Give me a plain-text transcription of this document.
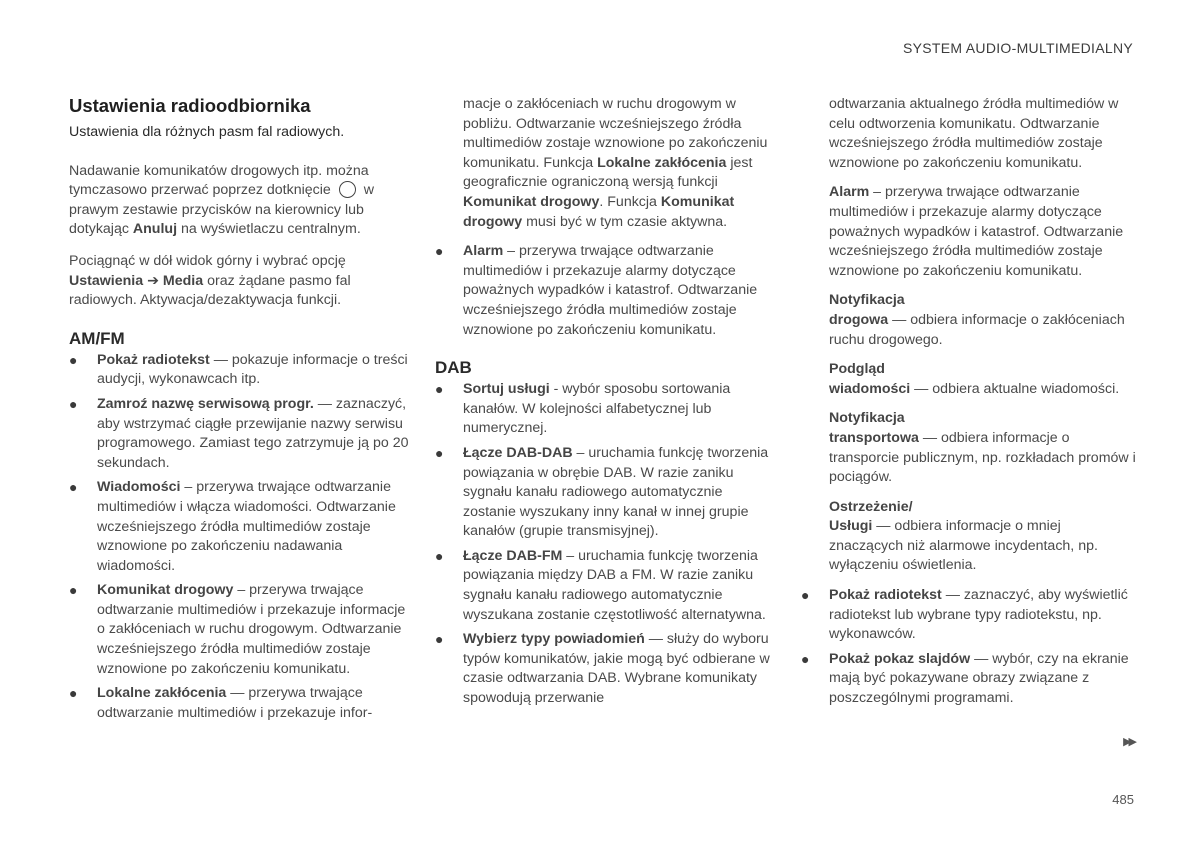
SYSTEM AUDIO-MULTIMEDIALNY
Ustawienia radioodbiornika
Ustawienia dla różnych pasm fal radiowych.

Nadawanie komunikatów drogowych itp. można tymczasowo przerwać poprzez dotknięcie w prawym zestawie przycisków na kierownicy lub dotykając Anuluj na wyświetlaczu centralnym.

Pociągnąć w dół widok górny i wybrać opcję Ustawienia ➔ Media oraz żądane pasmo fal radiowych. Aktywacja/dezaktywacja funkcji.

AM/FM
● Pokaż radiotekst — pokazuje informacje o treści audycji, wykonawcach itp.
● Zamroź nazwę serwisową progr. — zaznaczyć, aby wstrzymać ciągłe przewijanie nazwy serwisu programowego. Zamiast tego zatrzymuje ją po 20 sekundach.
● Wiadomości – przerywa trwające odtwarzanie multimediów i włącza wiadomości. Odtwarzanie wcześniejszego źródła multimediów zostaje wznowione po zakończeniu nadawania wiadomości.
● Komunikat drogowy – przerywa trwające odtwarzanie multimediów i przekazuje informacje o zakłóceniach w ruchu drogowym. Odtwarzanie wcześniejszego źródła multimediów zostaje wznowione po zakończeniu komunikatu.
● Lokalne zakłócenia — przerywa trwające odtwarzanie multimediów i przekazuje infor-
macje o zakłóceniach w ruchu drogowym w pobliżu. Odtwarzanie wcześniejszego źródła multimediów zostaje wznowione po zakończeniu komunikatu. Funkcja Lokalne zakłócenia jest geograficznie ograniczoną wersją funkcji Komunikat drogowy. Funkcja Komunikat drogowy musi być w tym czasie aktywna.
● Alarm – przerywa trwające odtwarzanie multimediów i przekazuje alarmy dotyczące poważnych wypadków i katastrof. Odtwarzanie wcześniejszego źródła multimediów zostaje wznowione po zakończeniu komunikatu.
DAB
● Sortuj usługi - wybór sposobu sortowania kanałów. W kolejności alfabetycznej lub numerycznej.
● Łącze DAB-DAB – uruchamia funkcję tworzenia powiązania w obrębie DAB. W razie zaniku sygnału kanału radiowego automatycznie zostanie wyszukany inny kanał w innej grupie kanałów (grupie transmisyjnej).
● Łącze DAB-FM – uruchamia funkcję tworzenia powiązania między DAB a FM. W razie zaniku sygnału kanału radiowego automatycznie wyszukana zostanie częstotliwość alternatywna.
● Wybierz typy powiadomień — służy do wyboru typów komunikatów, jakie mogą być odbierane w czasie odtwarzania DAB. Wybrane komunikaty spowodują przerwanie
odtwarzania aktualnego źródła multimediów w celu odtworzenia komunikatu. Odtwarzanie wcześniejszego źródła multimediów zostaje wznowione po zakończeniu komunikatu.
Alarm – przerywa trwające odtwarzanie multimediów i przekazuje alarmy dotyczące poważnych wypadków i katastrof. Odtwarzanie wcześniejszego źródła multimediów zostaje wznowione po zakończeniu komunikatu.
Notyfikacja
drogowa — odbiera informacje o zakłóceniach ruchu drogowego.
Podgląd
wiadomości — odbiera aktualne wiadomości.
Notyfikacja
transportowa — odbiera informacje o transporcie publicznym, np. rozkładach promów i pociągów.
Ostrzeżenie/
Usługi — odbiera informacje o mniej znaczących niż alarmowe incydentach, np. wyłączeniu oświetlenia.
● Pokaż radiotekst — zaznaczyć, aby wyświetlić radiotekst lub wybrane typy radiotekstu, np. wykonawców.
● Pokaż pokaz slajdów — wybór, czy na ekranie mają być pokazywane obrazy związane z poszczególnymi programami.
▶▶
485
